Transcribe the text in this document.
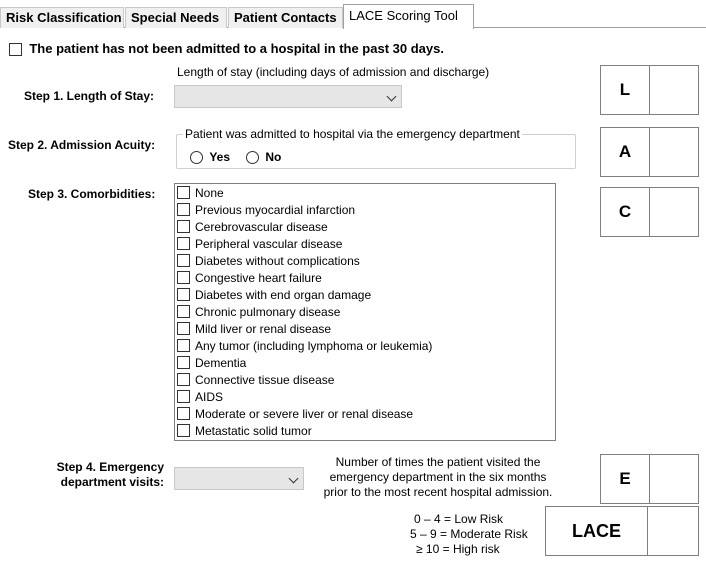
Risk Classification Special Needs	Patient Contacts LACE Scoring Tool
The patient has not been admitted to a hospital in the past 30 days.
Length of stay (including days of admission and discharge)
Step 1. Length of Stay:
Step 2. Admission Acuity:
Patient was admitted to hospital via the emergency department
Yes	No
Step 3. Comorbidities:	None
Previous myocardial infarction
Cerebrovascular disease
Peripheral vascular disease
Diabetes without complications
Congestive heart failure
Diabetes with end organ damage
Chronic pulmonary disease
Mild liver or renal disease
Any tumor (including lymphoma or leukemia)
Dementia
Connective tissue disease
AIDS
Moderate or severe liver or renal disease
Metastatic solid tumor
Step 4. Emergency
department visits:
Number of times the patient visited the
emergency department in the six months
prior to the most recent hospital admission.
L
A
C
E
LACE
0 – 4 = Low Risk
5 – 9 = Moderate Risk
≥ 10 = High risk
